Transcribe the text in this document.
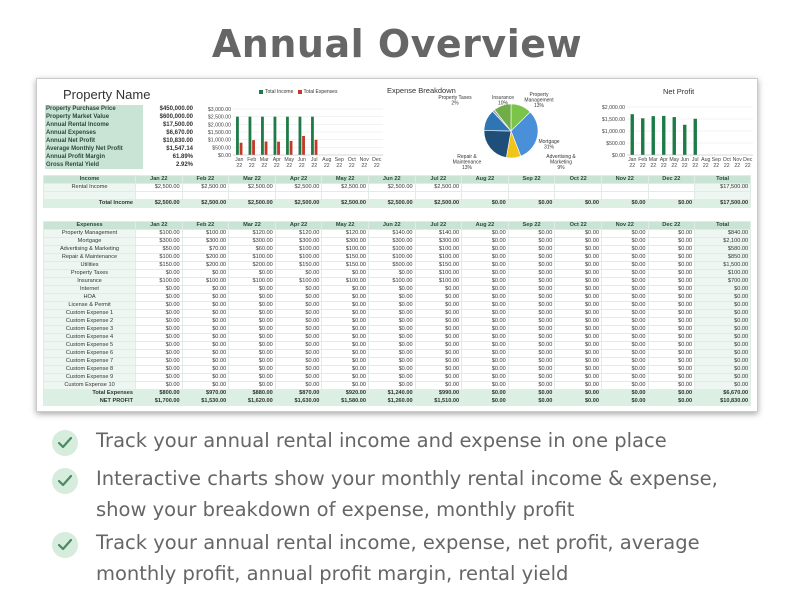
Annual Overview
Property Name
Property Purchase Price	$450,000.00
Property Market Value	$600,000.00
Annual Rental Income	$17,500.00
Annual Expenses	$6,670.00
Annual Net Profit	$10,830.00
Average Monthly Net Profit	$1,547.14
Annual Profit Margin	61.89%
Gross Rental Yield	2.92%
Total Income Total Expenses
$3,000.00
$2,500.00
$2,000.00
$1,500.00
$1,000.00
$500.00
$0.00
Jan
22
Feb
22
Mar
22
Apr
22
May
22
Jun
22
Jul
22
Aug
22
Sep
22
Oct
22
Nov
22
Dec
22
Expense Breakdown	Property
Management
13%
Mortgage
31%
Advertising &
Marketing
9%
Repair &
Maintenance
13%
Property Taxes
2%
Insurance
10%
Net Profit
$2,000.00
$1,500.00
$1,000.00
$500.00
$0.00
Jan
22
Feb
22
Mar
22
Apr
22
May
22
Jun
22
Jul
22
Aug
22
Sep
22
Oct
22
Nov
22
Dec
22
Income	Jan 22	Feb 22	Mar 22	Apr 22	May 22	Jun 22	Jul 22	Aug 22	Sep 22	Oct 22	Nov 22	Dec 22	Total
Rental Income	$2,500.00	$2,500.00	$2,500.00	$2,500.00	$2,500.00	$2,500.00	$2,500.00						$17,500.00

Total Income	$2,500.00	$2,500.00	$2,500.00	$2,500.00	$2,500.00	$2,500.00	$2,500.00	$0.00	$0.00	$0.00	$0.00	$0.00	$17,500.00
Expenses	Jan 22	Feb 22	Mar 22	Apr 22	May 22	Jun 22	Jul 22	Aug 22	Sep 22	Oct 22	Nov 22	Dec 22	Total
Property Management	$100.00	$100.00	$120.00	$120.00	$120.00	$140.00	$140.00	$0.00	$0.00	$0.00	$0.00	$0.00	$840.00
Mortgage	$300.00	$300.00	$300.00	$300.00	$300.00	$300.00	$300.00	$0.00	$0.00	$0.00	$0.00	$0.00	$2,100.00
Advertising & Marketing	$50.00	$70.00	$60.00	$100.00	$100.00	$100.00	$100.00	$0.00	$0.00	$0.00	$0.00	$0.00	$580.00
Repair & Maintenance	$100.00	$200.00	$100.00	$100.00	$150.00	$100.00	$100.00	$0.00	$0.00	$0.00	$0.00	$0.00	$850.00
Utilities	$150.00	$200.00	$200.00	$150.00	$150.00	$500.00	$150.00	$0.00	$0.00	$0.00	$0.00	$0.00	$1,500.00
Property Taxes	$0.00	$0.00	$0.00	$0.00	$0.00	$0.00	$100.00	$0.00	$0.00	$0.00	$0.00	$0.00	$100.00
Insurance	$100.00	$100.00	$100.00	$100.00	$100.00	$100.00	$100.00	$0.00	$0.00	$0.00	$0.00	$0.00	$700.00
Internet	$0.00	$0.00	$0.00	$0.00	$0.00	$0.00	$0.00	$0.00	$0.00	$0.00	$0.00	$0.00	$0.00
HOA	$0.00	$0.00	$0.00	$0.00	$0.00	$0.00	$0.00	$0.00	$0.00	$0.00	$0.00	$0.00	$0.00
License & Permit	$0.00	$0.00	$0.00	$0.00	$0.00	$0.00	$0.00	$0.00	$0.00	$0.00	$0.00	$0.00	$0.00
Custom Expense 1	$0.00	$0.00	$0.00	$0.00	$0.00	$0.00	$0.00	$0.00	$0.00	$0.00	$0.00	$0.00	$0.00
Custom Expense 2	$0.00	$0.00	$0.00	$0.00	$0.00	$0.00	$0.00	$0.00	$0.00	$0.00	$0.00	$0.00	$0.00
Custom Expense 3	$0.00	$0.00	$0.00	$0.00	$0.00	$0.00	$0.00	$0.00	$0.00	$0.00	$0.00	$0.00	$0.00
Custom Expense 4	$0.00	$0.00	$0.00	$0.00	$0.00	$0.00	$0.00	$0.00	$0.00	$0.00	$0.00	$0.00	$0.00
Custom Expense 5	$0.00	$0.00	$0.00	$0.00	$0.00	$0.00	$0.00	$0.00	$0.00	$0.00	$0.00	$0.00	$0.00
Custom Expense 6	$0.00	$0.00	$0.00	$0.00	$0.00	$0.00	$0.00	$0.00	$0.00	$0.00	$0.00	$0.00	$0.00
Custom Expense 7	$0.00	$0.00	$0.00	$0.00	$0.00	$0.00	$0.00	$0.00	$0.00	$0.00	$0.00	$0.00	$0.00
Custom Expense 8	$0.00	$0.00	$0.00	$0.00	$0.00	$0.00	$0.00	$0.00	$0.00	$0.00	$0.00	$0.00	$0.00
Custom Expense 9	$0.00	$0.00	$0.00	$0.00	$0.00	$0.00	$0.00	$0.00	$0.00	$0.00	$0.00	$0.00	$0.00
Custom Expense 10	$0.00	$0.00	$0.00	$0.00	$0.00	$0.00	$0.00	$0.00	$0.00	$0.00	$0.00	$0.00	$0.00
Total Expenses	$800.00	$970.00	$880.00	$870.00	$920.00	$1,240.00	$990.00	$0.00	$0.00	$0.00	$0.00	$0.00	$6,670.00
NET PROFIT	$1,700.00	$1,530.00	$1,620.00	$1,630.00	$1,580.00	$1,260.00	$1,510.00	$0.00	$0.00	$0.00	$0.00	$0.00	$10,830.00
Track your annual rental income and expense in one place
Interactive charts show your monthly rental income & expense, show your breakdown of expense, monthly profit
Track your annual rental income, expense, net profit, average monthly profit, annual profit margin, rental yield
